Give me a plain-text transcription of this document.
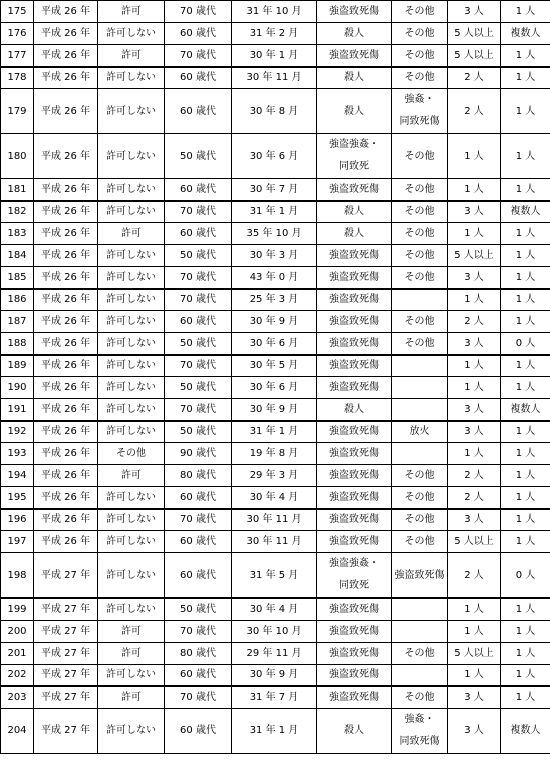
175	平成 26 年	許可	70 歳代	31 年 10 月	強盗致死傷	その他	3 人	1 人
176	平成 26 年	許可しない	60 歳代	31 年 2 月	殺人	その他	5 人以上	複数人
177	平成 26 年	許可	70 歳代	30 年 1 月	強盗致死傷	その他	5 人以上	1 人
178	平成 26 年	許可しない	60 歳代	30 年 11 月	殺人	その他	2 人	1 人
179	平成 26 年	許可しない	60 歳代	30 年 8 月	殺人	強姦・
同致死傷	2 人	1 人
180	平成 26 年	許可しない	50 歳代	30 年 6 月	強盗強姦・
同致死	その他	1 人	1 人
181	平成 26 年	許可しない	60 歳代	30 年 7 月	強盗致死傷	その他	1 人	1 人
182	平成 26 年	許可しない	70 歳代	31 年 1 月	殺人	その他	3 人	複数人
183	平成 26 年	許可	60 歳代	35 年 10 月	殺人	その他	1 人	1 人
184	平成 26 年	許可しない	50 歳代	30 年 3 月	強盗致死傷	その他	5 人以上	1 人
185	平成 26 年	許可しない	70 歳代	43 年 0 月	強盗致死傷	その他	3 人	1 人
186	平成 26 年	許可しない	70 歳代	25 年 3 月	強盗致死傷		1 人	1 人
187	平成 26 年	許可しない	60 歳代	30 年 9 月	強盗致死傷	その他	2 人	1 人
188	平成 26 年	許可しない	50 歳代	30 年 6 月	強盗致死傷	その他	3 人	0 人
189	平成 26 年	許可しない	70 歳代	30 年 5 月	強盗致死傷		1 人	1 人
190	平成 26 年	許可しない	50 歳代	30 年 6 月	強盗致死傷		1 人	1 人
191	平成 26 年	許可しない	70 歳代	30 年 9 月	殺人		3 人	複数人
192	平成 26 年	許可しない	50 歳代	31 年 1 月	強盗致死傷	放火	3 人	1 人
193	平成 26 年	その他	90 歳代	19 年 8 月	強盗致死傷		1 人	1 人
194	平成 26 年	許可	80 歳代	29 年 3 月	強盗致死傷	その他	2 人	1 人
195	平成 26 年	許可しない	60 歳代	30 年 4 月	強盗致死傷	その他	2 人	1 人
196	平成 26 年	許可しない	70 歳代	30 年 11 月	強盗致死傷	その他	3 人	1 人
197	平成 26 年	許可しない	60 歳代	30 年 11 月	強盗致死傷	その他	5 人以上	1 人
198	平成 27 年	許可しない	60 歳代	31 年 5 月	強盗強姦・
同致死	強盗致死傷	2 人	0 人
199	平成 27 年	許可しない	50 歳代	30 年 4 月	強盗致死傷		1 人	1 人
200	平成 27 年	許可	70 歳代	30 年 10 月	強盗致死傷		1 人	1 人
201	平成 27 年	許可	80 歳代	29 年 11 月	強盗致死傷	その他	5 人以上	1 人
202	平成 27 年	許可しない	60 歳代	30 年 9 月	強盗致死傷		1 人	1 人
203	平成 27 年	許可	70 歳代	31 年 7 月	強盗致死傷	その他	3 人	1 人
204	平成 27 年	許可しない	60 歳代	31 年 1 月	殺人	強姦・
同致死傷	3 人	複数人
